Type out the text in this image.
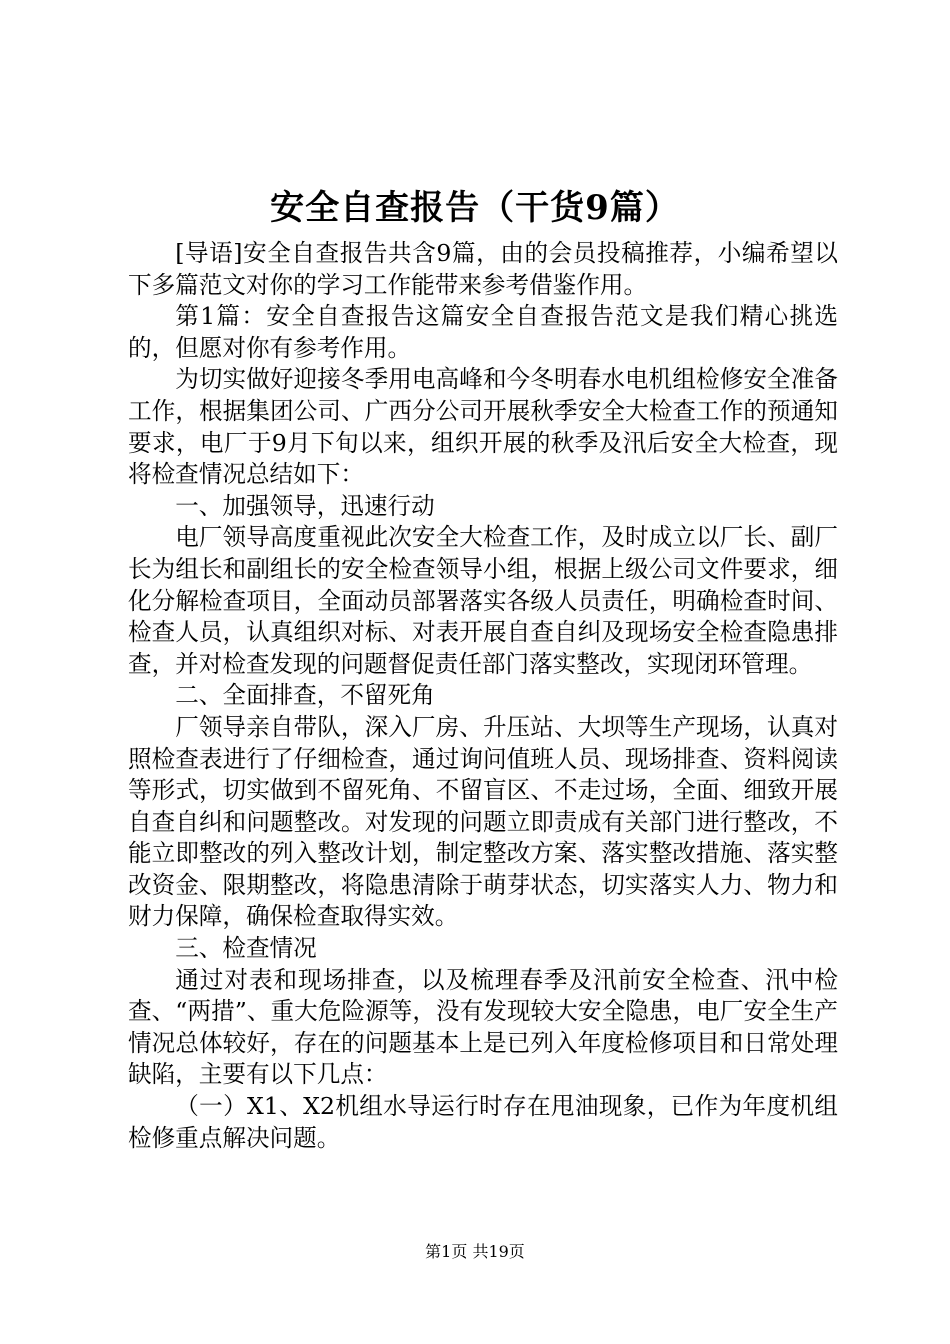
安全自查报告（干货9篇）

[导语]安全自查报告共含9篇，由的会员投稿推荐，小编希望以下多篇范文对你的学习工作能带来参考借鉴作用。

第1篇：安全自查报告这篇安全自查报告范文是我们精心挑选的，但愿对你有参考作用。

为切实做好迎接冬季用电高峰和今冬明春水电机组检修安全准备工作，根据集团公司、广西分公司开展秋季安全大检查工作的预通知要求，电厂于9月下旬以来，组织开展的秋季及汛后安全大检查，现将检查情况总结如下：

一、加强领导，迅速行动

电厂领导高度重视此次安全大检查工作，及时成立以厂长、副厂长为组长和副组长的安全检查领导小组，根据上级公司文件要求，细化分解检查项目，全面动员部署落实各级人员责任，明确检查时间、检查人员，认真组织对标、对表开展自查自纠及现场安全检查隐患排查，并对检查发现的问题督促责任部门落实整改，实现闭环管理。

二、全面排查，不留死角

厂领导亲自带队，深入厂房、升压站、大坝等生产现场，认真对照检查表进行了仔细检查，通过询问值班人员、现场排查、资料阅读等形式，切实做到不留死角、不留盲区、不走过场，全面、细致开展自查自纠和问题整改。对发现的问题立即责成有关部门进行整改，不能立即整改的列入整改计划，制定整改方案、落实整改措施、落实整改资金、限期整改，将隐患清除于萌芽状态，切实落实人力、物力和财力保障，确保检查取得实效。

三、检查情况

通过对表和现场排查，以及梳理春季及汛前安全检查、汛中检查、“两措”、重大危险源等，没有发现较大安全隐患，电厂安全生产情况总体较好，存在的问题基本上是已列入年度检修项目和日常处理缺陷，主要有以下几点：

（一）X1、X2机组水导运行时存在甩油现象，已作为年度机组检修重点解决问题。

第1页 共19页
